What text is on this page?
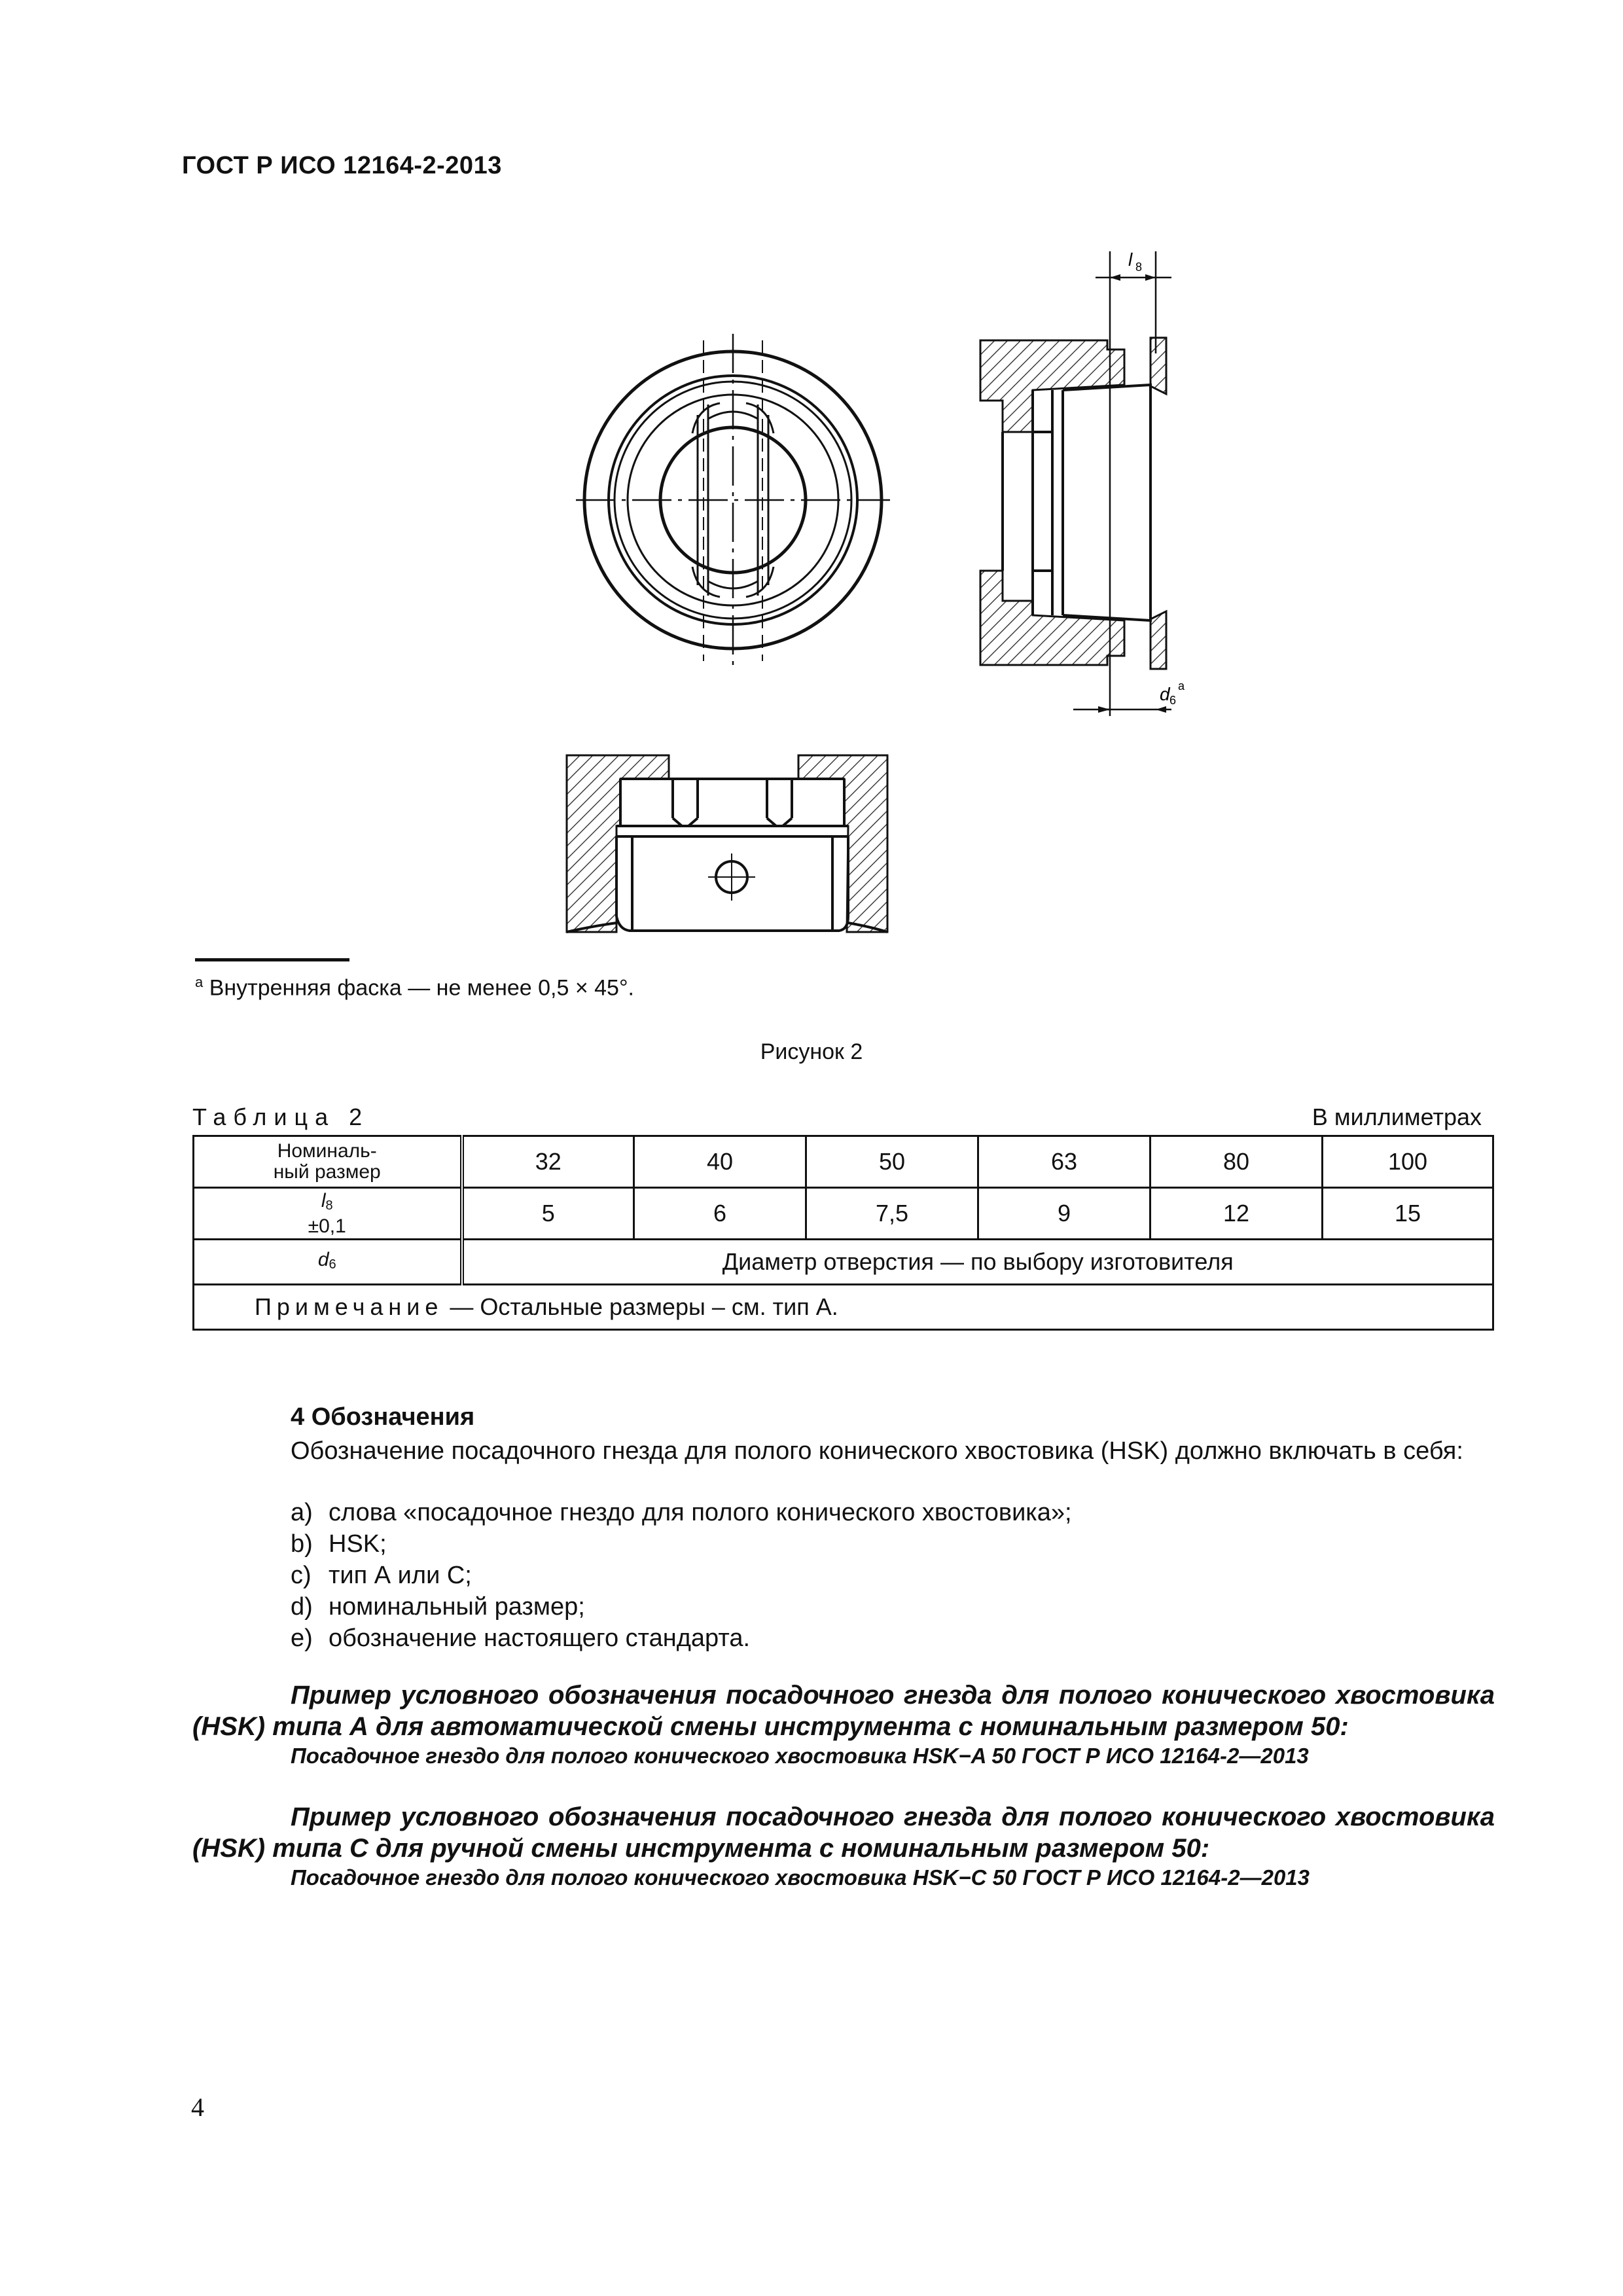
ГОСТ Р ИСО 12164-2-2013
l 8
d 6
a
$^a$ Внутренняя фаска — не менее 0,5 × 45°.
Рисунок 2
Таблица 2	В миллиметрах
Номиналь-
ный размер	32	40	50	63	80	100
$l_8$
±0,1	5	6	7,5	9	12	15
$d_6$	Диаметр отверстия — по выбору изготовителя					
Примечание — Остальные размеры – см. тип А.						
4 Обозначения
Обозначение посадочного гнезда для полого конического хвостовика (HSK) должно включать в себя:
a) слова «посадочное гнездо для полого конического хвостовика»;
b) HSK;
c) тип А или С;
d) номинальный размер;
e) обозначение настоящего стандарта.
Пример условного обозначения посадочного гнезда для полого конического хвостовика (HSK) типа А для автоматической смены инструмента с номинальным размером 50:
Посадочное гнездо для полого конического хвостовика HSK−A 50 ГОСТ Р ИСО 12164-2—2013
Пример условного обозначения посадочного гнезда для полого конического хвостовика (HSK) типа С для ручной смены инструмента с номинальным размером 50:
Посадочное гнездо для полого конического хвостовика HSK−C 50 ГОСТ Р ИСО 12164-2—2013
4
